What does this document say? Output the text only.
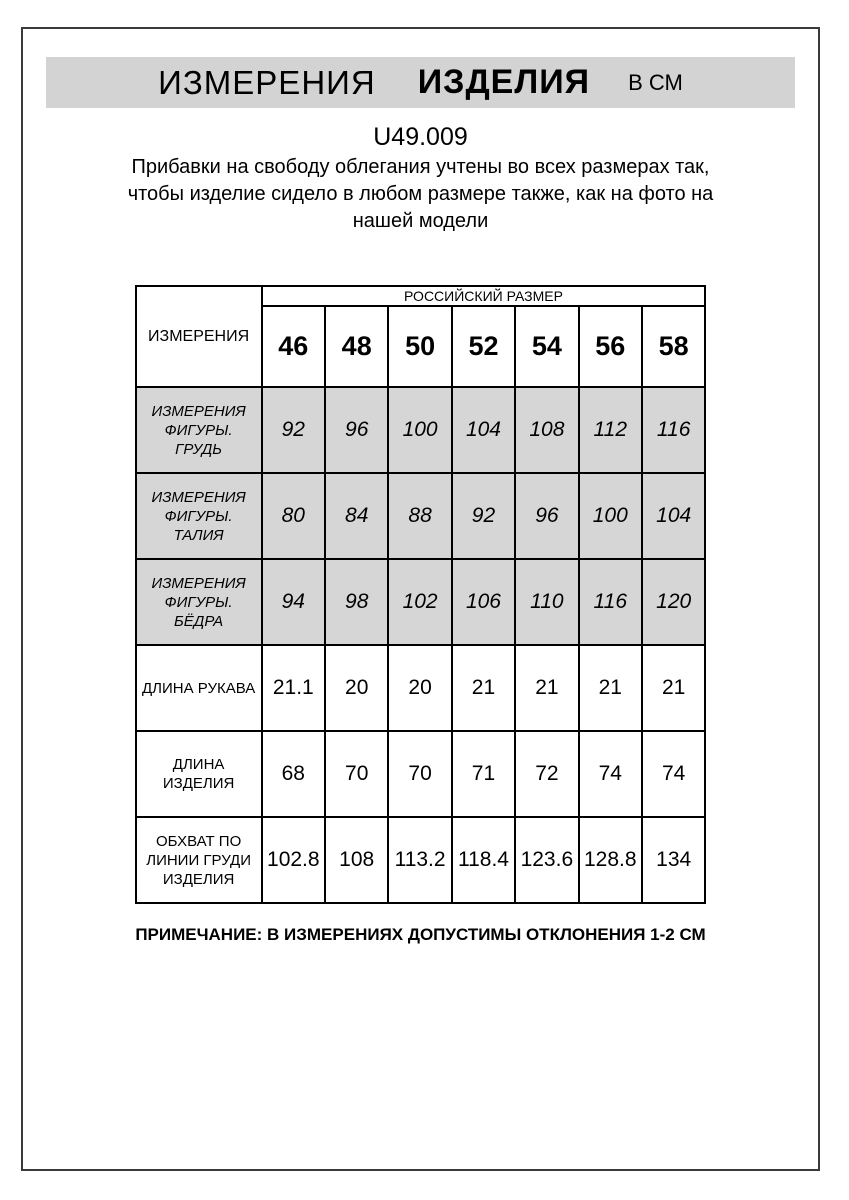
ИЗМЕРЕНИЯ ИЗДЕЛИЯ В СМ
U49.009
Прибавки на свободу облегания учтены во всех размерах так,
чтобы изделие сидело в любом размере также, как на фото на
нашей модели
ИЗМЕРЕНИЯ	РОССИЙСКИЙ РАЗМЕР						
	46	48	50	52	54	56	58
ИЗМЕРЕНИЯ ФИГУРЫ. ГРУДЬ	92	96	100	104	108	112	116
ИЗМЕРЕНИЯ ФИГУРЫ. ТАЛИЯ	80	84	88	92	96	100	104
ИЗМЕРЕНИЯ ФИГУРЫ. БЁДРА	94	98	102	106	110	116	120
ДЛИНА РУКАВА	21.1	20	20	21	21	21	21
ДЛИНА ИЗДЕЛИЯ	68	70	70	71	72	74	74
ОБХВАТ ПО ЛИНИИ ГРУДИ ИЗДЕЛИЯ	102.8	108	113.2	118.4	123.6	128.8	134
ПРИМЕЧАНИЕ: В ИЗМЕРЕНИЯХ ДОПУСТИМЫ ОТКЛОНЕНИЯ 1-2 СМ
